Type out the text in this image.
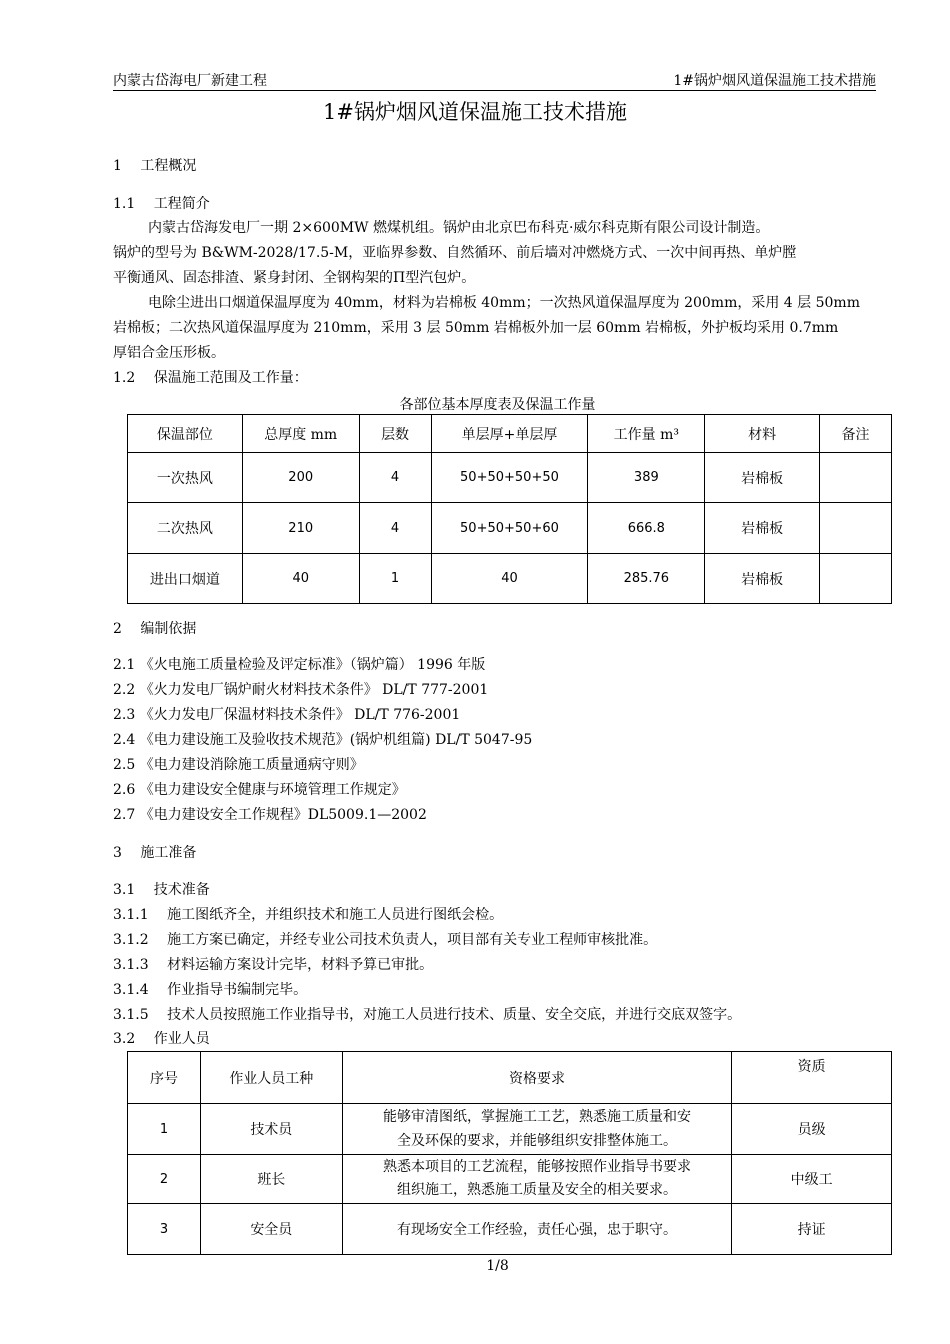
内蒙古岱海电厂新建工程	1#锅炉烟风道保温施工技术措施
1#锅炉烟风道保温施工技术措施
1　 工程概况
1.1　 工程简介
内蒙古岱海发电厂一期 2×600MW 燃煤机组。锅炉由北京巴布科克·威尔科克斯有限公司设计制造。
锅炉的型号为 B&WM-2028/17.5-M，亚临界参数、自然循环、前后墙对冲燃烧方式、一次中间再热、单炉膛
平衡通风、固态排渣、紧身封闭、全钢构架的Π型汽包炉。
电除尘进出口烟道保温厚度为 40mm，材料为岩棉板 40mm；一次热风道保温厚度为 200mm，采用 4 层 50mm
岩棉板；二次热风道保温厚度为 210mm，采用 3 层 50mm 岩棉板外加一层 60mm 岩棉板，外护板均采用 0.7mm
厚铝合金压形板。
1.2　 保温施工范围及工作量：
各部位基本厚度表及保温工作量
保温部位	总厚度 mm	层数	单层厚+单层厚	工作量 m³	材料	备注
一次热风	200	4	50+50+50+50	389	岩棉板	
二次热风	210	4	50+50+50+60	666.8	岩棉板	
进出口烟道	40	1	40	285.76	岩棉板	
2　 编制依据
2.1 《火电施工质量检验及评定标准》（锅炉篇） 1996 年版
2.2 《火力发电厂锅炉耐火材料技术条件》 DL/T 777-2001
2.3 《火力发电厂保温材料技术条件》 DL/T 776-2001
2.4 《电力建设施工及验收技术规范》(锅炉机组篇) DL/T 5047-95
2.5 《电力建设消除施工质量通病守则》
2.6 《电力建设安全健康与环境管理工作规定》
2.7 《电力建设安全工作规程》DL5009.1—2002
3　 施工准备
3.1　 技术准备
3.1.1　 施工图纸齐全，并组织技术和施工人员进行图纸会检。
3.1.2　 施工方案已确定，并经专业公司技术负责人，项目部有关专业工程师审核批准。
3.1.3　 材料运输方案设计完毕，材料予算已审批。
3.1.4　 作业指导书编制完毕。
3.1.5　 技术人员按照施工作业指导书，对施工人员进行技术、质量、安全交底，并进行交底双签字。
3.2　 作业人员
序号	作业人员工种	资格要求	资质
1	技术员	能够审清图纸，掌握施工工艺，熟悉施工质量和安
全及环保的要求，并能够组织安排整体施工。	员级
2	班长	熟悉本项目的工艺流程，能够按照作业指导书要求
组织施工，熟悉施工质量及安全的相关要求。	中级工
3	安全员	有现场安全工作经验，责任心强，忠于职守。	持证
1/8
